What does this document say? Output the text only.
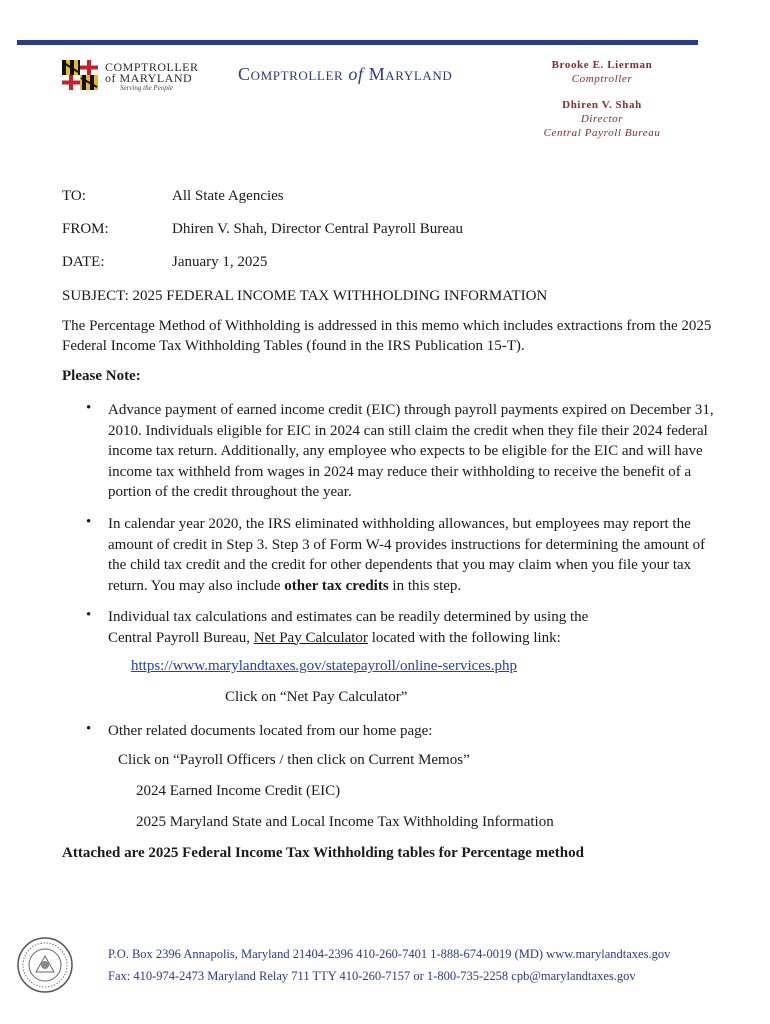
COMPTROLLER
of MARYLAND
Serving the People
Comptroller of Maryland	Brooke E. Lierman
Comptroller
Dhiren V. Shah
Director
Central Payroll Bureau
TO:	All State Agencies
FROM:	Dhiren V. Shah, Director Central Payroll Bureau
DATE:	January 1, 2025
SUBJECT: 2025 FEDERAL INCOME TAX WITHHOLDING INFORMATION
The Percentage Method of Withholding is addressed in this memo which includes extractions from the 2025
Federal Income Tax Withholding Tables (found in the IRS Publication 15-T).
Please Note:
• Advance payment of earned income credit (EIC) through payroll payments expired on December 31,
2010. Individuals eligible for EIC in 2024 can still claim the credit when they file their 2024 federal
income tax return. Additionally, any employee who expects to be eligible for the EIC and will have
income tax withheld from wages in 2024 may reduce their withholding to receive the benefit of a
portion of the credit throughout the year.
• In calendar year 2020, the IRS eliminated withholding allowances, but employees may report the
amount of credit in Step 3. Step 3 of Form W-4 provides instructions for determining the amount of
the child tax credit and the credit for other dependents that you may claim when you file your tax
return. You may also include other tax credits in this step.
• Individual tax calculations and estimates can be readily determined by using the
Central Payroll Bureau, Net Pay Calculator located with the following link:
https://www.marylandtaxes.gov/statepayroll/online-services.php
Click on “Net Pay Calculator”
• Other related documents located from our home page:
Click on “Payroll Officers / then click on Current Memos”
2024 Earned Income Credit (EIC)
2025 Maryland State and Local Income Tax Withholding Information
Attached are 2025 Federal Income Tax Withholding tables for Percentage method
P.O. Box 2396 Annapolis, Maryland 21404-2396 410-260-7401 1-888-674-0019 (MD) www.marylandtaxes.gov
Fax: 410-974-2473 Maryland Relay 711 TTY 410-260-7157 or 1-800-735-2258 cpb@marylandtaxes.gov
